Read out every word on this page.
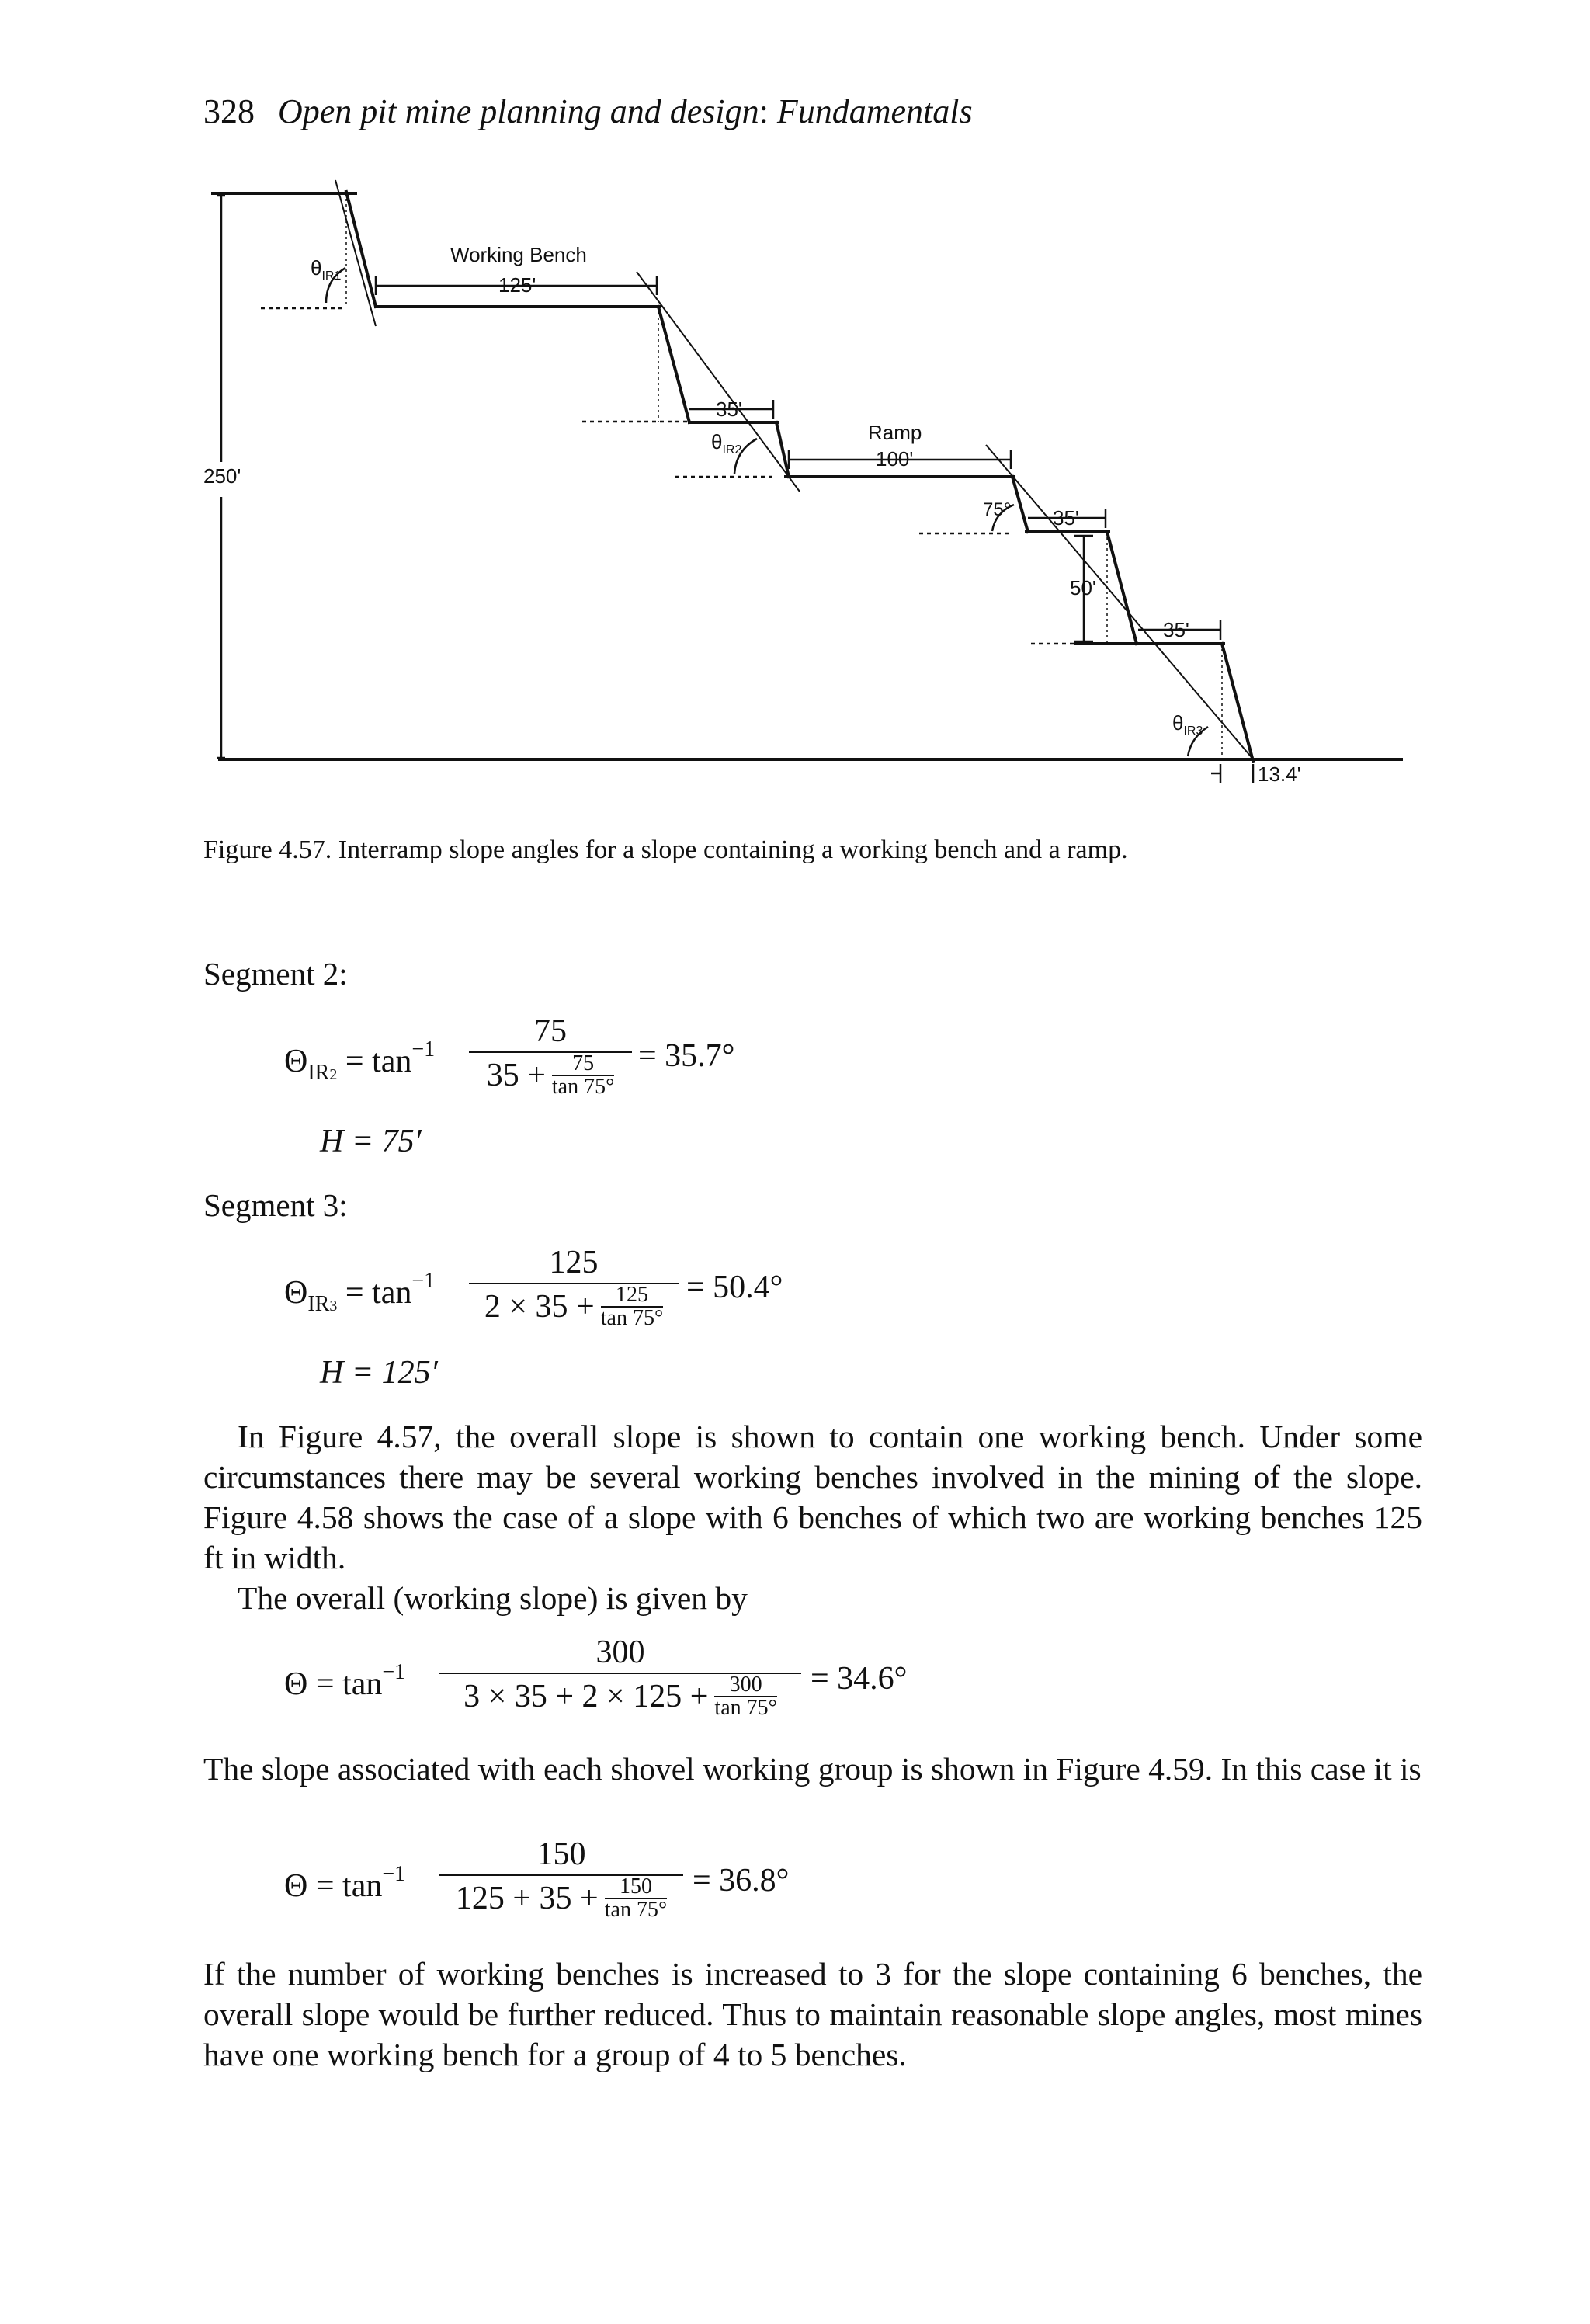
328 Open pit mine planning and design: Fundamentals
$\theta_{IR1}$
Working Bench
125'
35'
$\theta_{IR2}$
Ramp
100'
250'
75° 35'
50'
35'
$\theta_{IR3}$
13.4'
Figure 4.57. Interramp slope angles for a slope containing a working bench and a ramp.
Segment 2:
$\Theta_{IR2} = \tan^{-1}$
75
35 +	75
tan 75°
= 35.7°
H = 75′
Segment 3:
$\Theta_{IR3} = \tan^{-1}$
125
2 × 35 + 125
tan 75°
= 50.4°
H = 125′
In Figure 4.57, the overall slope is shown to contain one working bench. Under some circumstances there may be several working benches involved in the mining of the slope. Figure 4.58 shows the case of a slope with 6 benches of which two are working benches 125 ft in width.
The overall (working slope) is given by
$\Theta = \tan^{-1}$
300
3 × 35 + 2 × 125 + 300
tan 75°
= 34.6°
The slope associated with each shovel working group is shown in Figure 4.59. In this case it is
$\Theta = \tan^{-1}$
150
125 + 35 + 150
tan 75°
= 36.8°
If the number of working benches is increased to 3 for the slope containing 6 benches, the overall slope would be further reduced. Thus to maintain reasonable slope angles, most mines have one working bench for a group of 4 to 5 benches.
